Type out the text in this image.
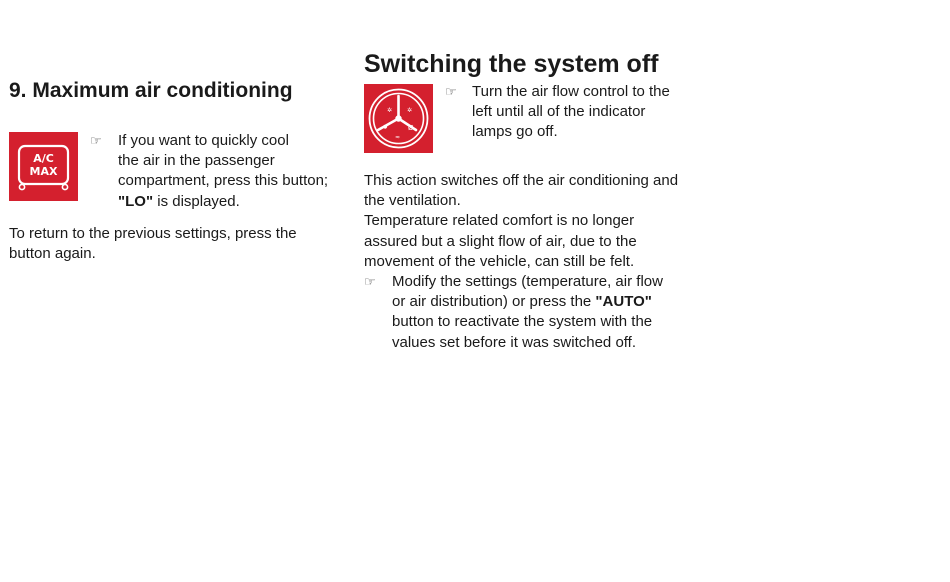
9. Maximum air conditioning
A/C
MAX
☞ If you want to quickly cool
the air in the passenger
compartment, press this button;
"LO" is displayed.
To return to the previous settings, press the
button again.
Switching the system off
✲ ✲
≈
Ø
●
☞ Turn the air flow control to the
left until all of the indicator
lamps go off.
This action switches off the air conditioning and
the ventilation.
Temperature related comfort is no longer
assured but a slight flow of air, due to the
movement of the vehicle, can still be felt.
☞ Modify the settings (temperature, air flow
or air distribution) or press the "AUTO"
button to reactivate the system with the
values set before it was switched off.
